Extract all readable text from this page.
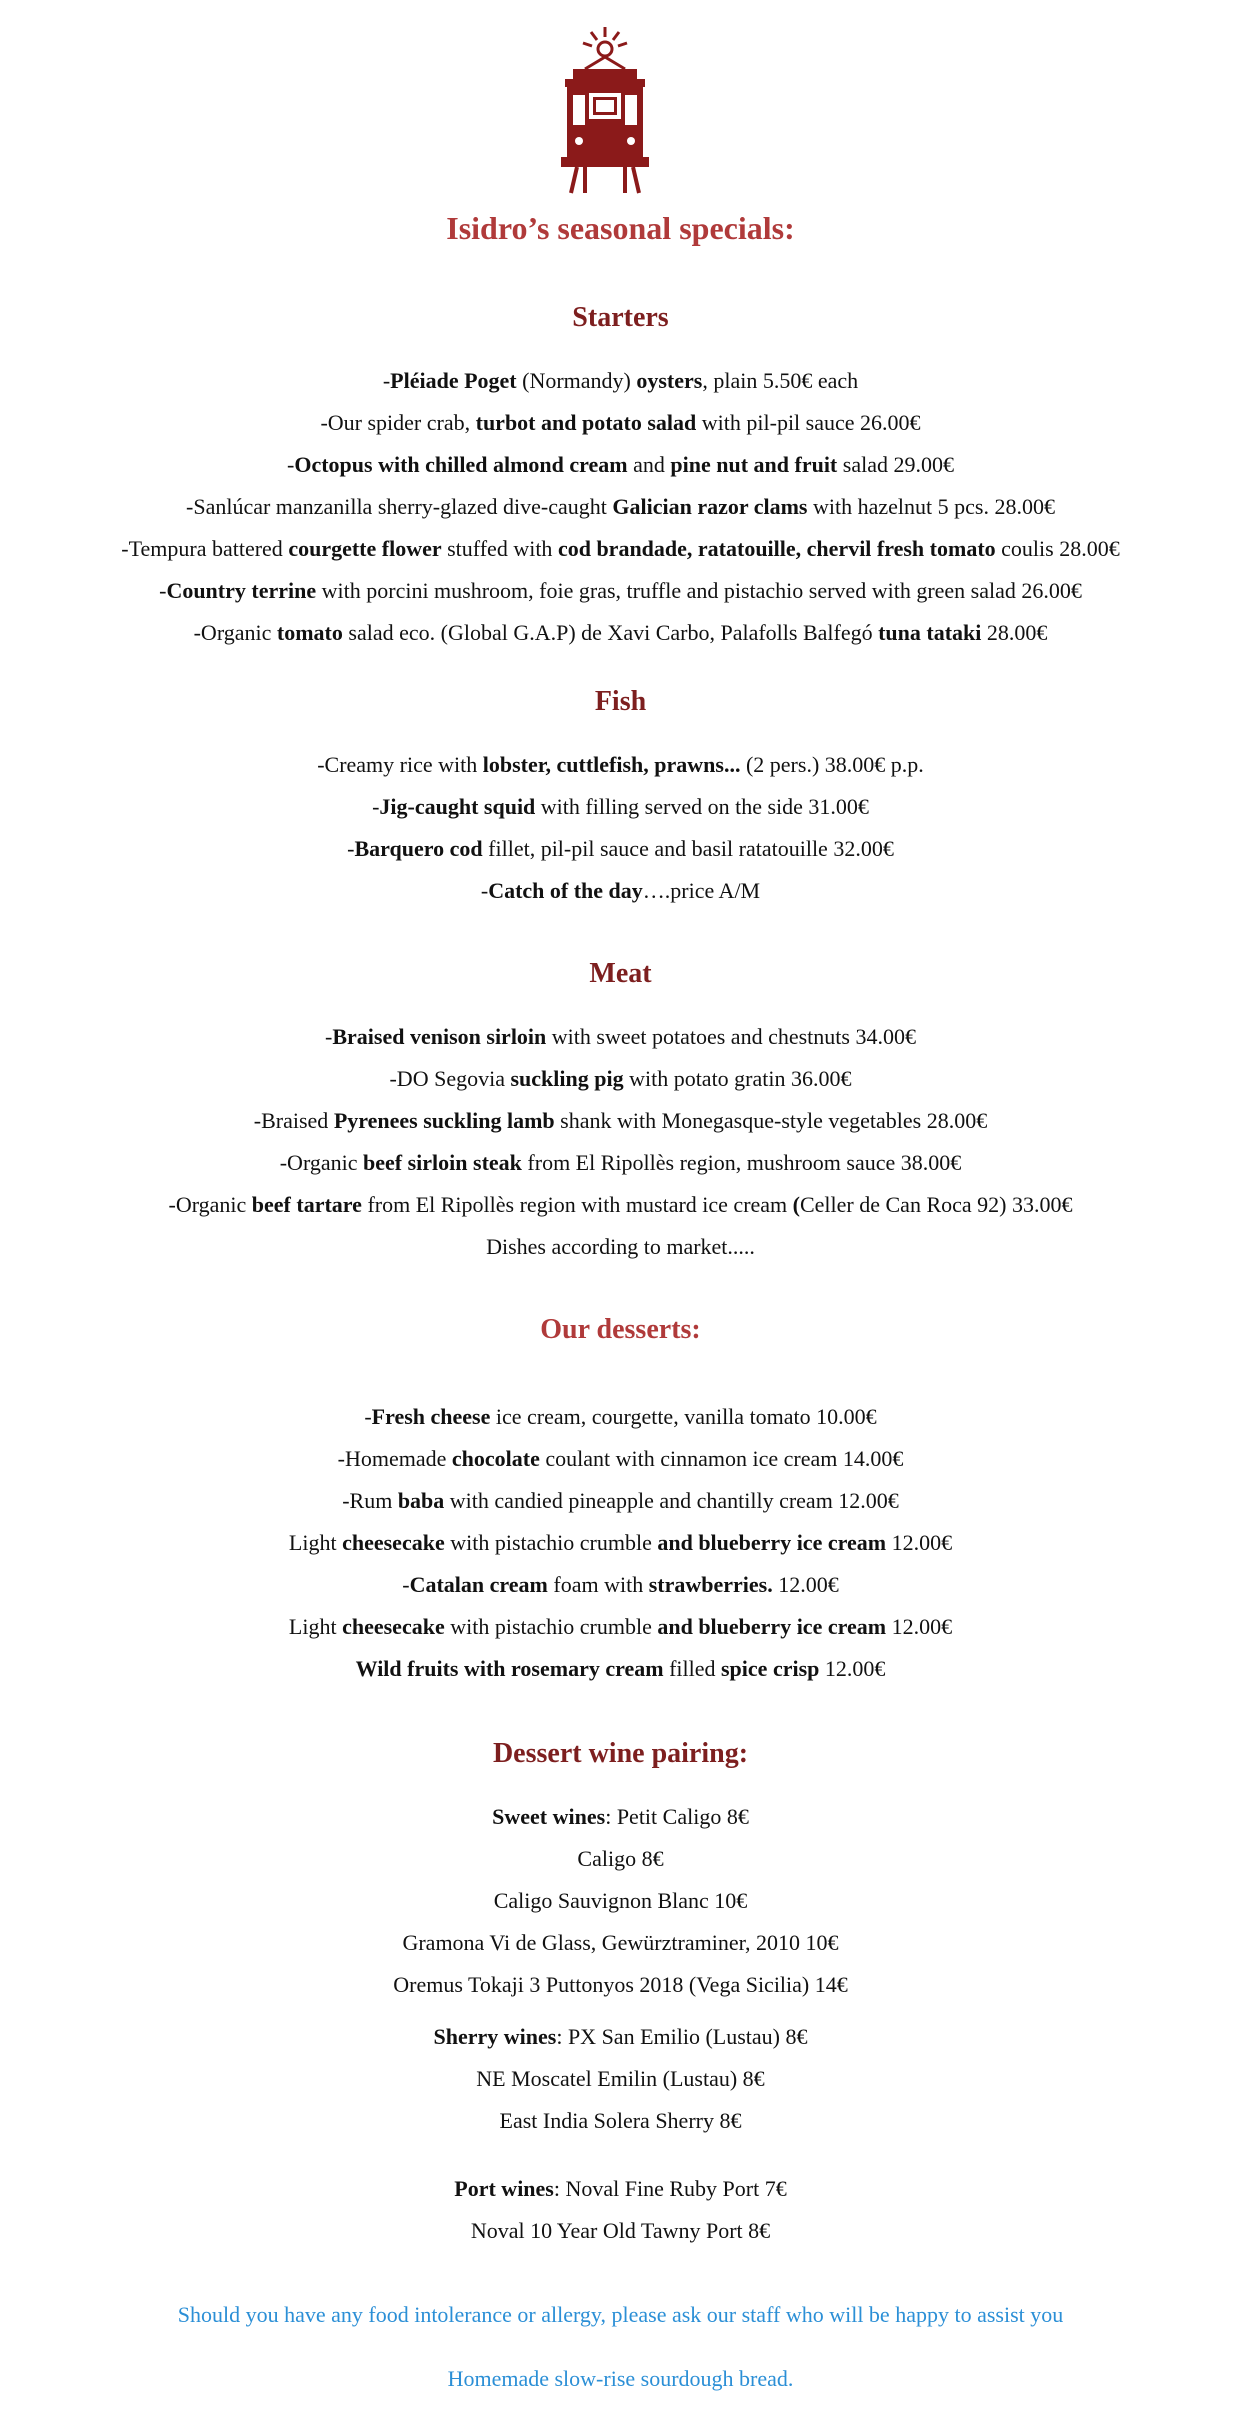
Isidro’s seasonal specials:
Starters
-Pléiade Poget (Normandy) oysters, plain 5.50€ each
-Our spider crab, turbot and potato salad with pil-pil sauce 26.00€
-Octopus with chilled almond cream and pine nut and fruit salad 29.00€
-Sanlúcar manzanilla sherry-glazed dive-caught Galician razor clams with hazelnut 5 pcs. 28.00€
-Tempura battered courgette flower stuffed with cod brandade, ratatouille, chervil fresh tomato coulis 28.00€
-Country terrine with porcini mushroom, foie gras, truffle and pistachio served with green salad 26.00€
-Organic tomato salad eco. (Global G.A.P) de Xavi Carbo, Palafolls Balfegó tuna tataki 28.00€
Fish
-Creamy rice with lobster, cuttlefish, prawns... (2 pers.) 38.00€ p.p.
-Jig-caught squid with filling served on the side 31.00€
-Barquero cod fillet, pil-pil sauce and basil ratatouille 32.00€
-Catch of the day….price A/M
Meat
-Braised venison sirloin with sweet potatoes and chestnuts 34.00€
-DO Segovia suckling pig with potato gratin 36.00€
-Braised Pyrenees suckling lamb shank with Monegasque-style vegetables 28.00€
-Organic beef sirloin steak from El Ripollès region, mushroom sauce 38.00€
-Organic beef tartare from El Ripollès region with mustard ice cream (Celler de Can Roca 92) 33.00€
Dishes according to market.....
Our desserts:
-Fresh cheese ice cream, courgette, vanilla tomato 10.00€
-Homemade chocolate coulant with cinnamon ice cream 14.00€
-Rum baba with candied pineapple and chantilly cream 12.00€
Light cheesecake with pistachio crumble and blueberry ice cream 12.00€
-Catalan cream foam with strawberries. 12.00€
Light cheesecake with pistachio crumble and blueberry ice cream 12.00€
Wild fruits with rosemary cream filled spice crisp 12.00€
Dessert wine pairing:
Sweet wines: Petit Caligo 8€
Caligo 8€
Caligo Sauvignon Blanc 10€
Gramona Vi de Glass, Gewürztraminer, 2010 10€
Oremus Tokaji 3 Puttonyos 2018 (Vega Sicilia) 14€
Sherry wines: PX San Emilio (Lustau) 8€
NE Moscatel Emilin (Lustau) 8€
East India Solera Sherry 8€
Port wines: Noval Fine Ruby Port 7€
Noval 10 Year Old Tawny Port 8€

Should you have any food intolerance or allergy, please ask our staff who will be happy to assist you

Homemade slow-rise sourdough bread.
